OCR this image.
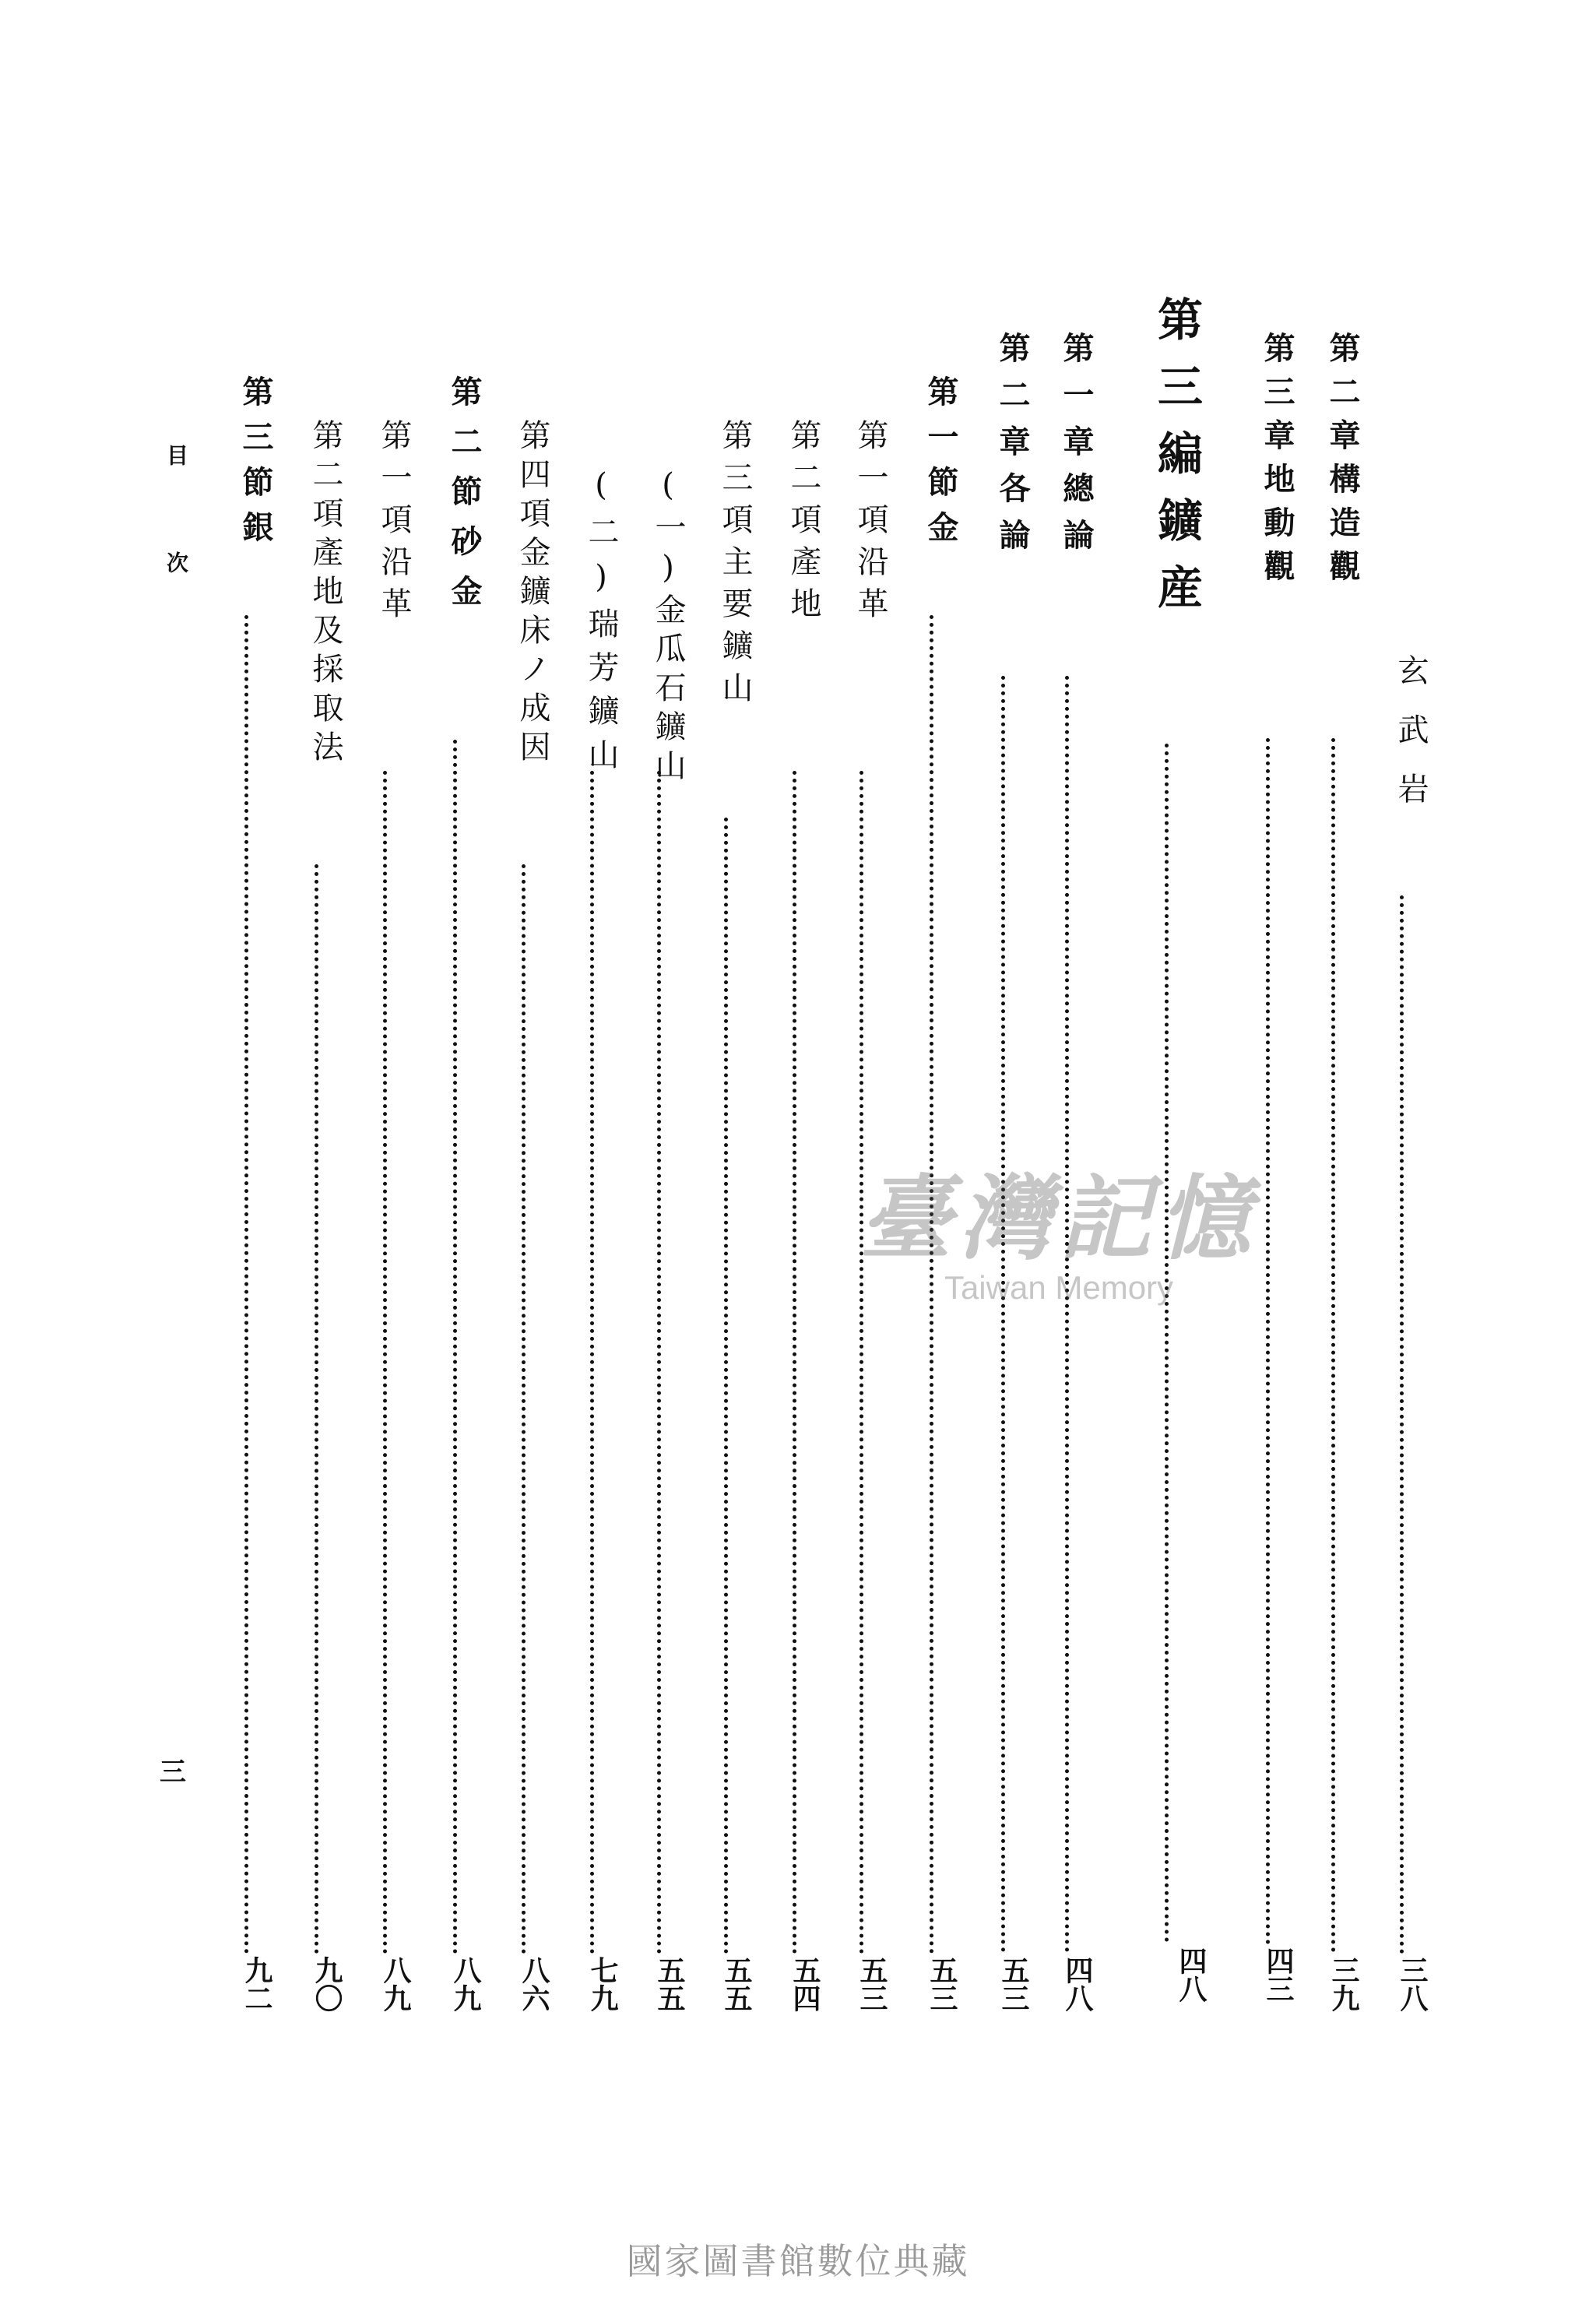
玄武岩
三八
第二章構造觀
三九
第三章地動觀
四三
第三編鑛産
四八
第一章總論
四八
第二章各論
五三
第一節金
五三
第一項沿革
五三
第二項產地
五四
第三項主要鑛山
五五
(一)金瓜石鑛山
五五
(二)瑞芳鑛山
七九
第四項金鑛床ノ成因
八六
第二節砂金
八九
第一項沿革
八九
第二項產地及採取法
九〇
第三節銀
九二
目次
三
臺灣記憶
Taiwan Memory
國家圖書館數位典藏
